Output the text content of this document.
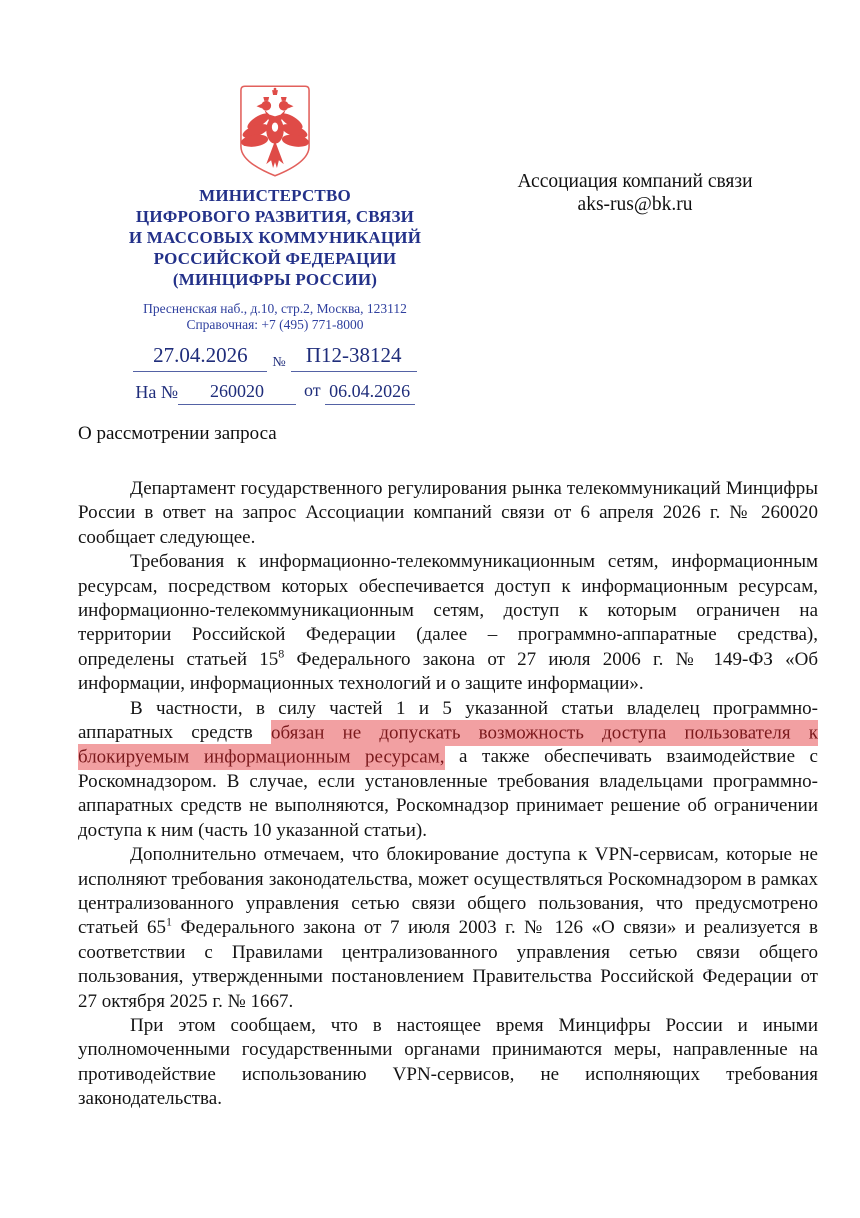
МИНИСТЕРСТВО
ЦИФРОВОГО РАЗВИТИЯ, СВЯЗИ
И МАССОВЫХ КОММУНИКАЦИЙ
РОССИЙСКОЙ ФЕДЕРАЦИИ
(МИНЦИФРЫ РОССИИ)
Пресненская наб., д.10, стр.2, Москва, 123112
Справочная: +7 (495) 771-8000
27.04.2026	№ П12-38124
На №	260020	от 06.04.2026
Ассоциация компаний связи
aks-rus@bk.ru
О рассмотрении запроса

Департамент государственного регулирования рынка телекоммуникаций Минцифры России в ответ на запрос Ассоциации компаний связи от 6 апреля 2026 г. № 260020 сообщает следующее.

Требования к информационно-телекоммуникационным сетям, информационным ресурсам, посредством которых обеспечивается доступ к информационным ресурсам, информационно-телекоммуникационным сетям, доступ к которым ограничен на территории Российской Федерации (далее – программно-аппаратные средства), определены статьей $15^8$ Федерального закона от 27 июля 2006 г. № 149-ФЗ «Об информации, информационных технологий и о защите информации».

В частности, в силу частей 1 и 5 указанной статьи владелец программно-аппаратных средств обязан не допускать возможность доступа пользователя к блокируемым информационным ресурсам, а также обеспечивать взаимодействие с Роскомнадзором. В случае, если установленные требования владельцами программно-аппаратных средств не выполняются, Роскомнадзор принимает решение об ограничении доступа к ним (часть 10 указанной статьи).

Дополнительно отмечаем, что блокирование доступа к VPN-сервисам, которые не исполняют требования законодательства, может осуществляться Роскомнадзором в рамках централизованного управления сетью связи общего пользования, что предусмотрено статьей $65^1$ Федерального закона от 7 июля 2003 г. № 126 «О связи» и реализуется в соответствии с Правилами централизованного управления сетью связи общего пользования, утвержденными постановлением Правительства Российской Федерации от 27 октября 2025 г. № 1667.

При этом сообщаем, что в настоящее время Минцифры России и иными уполномоченными государственными органами принимаются меры, направленные на противодействие использованию VPN-сервисов, не исполняющих требования законодательства.
